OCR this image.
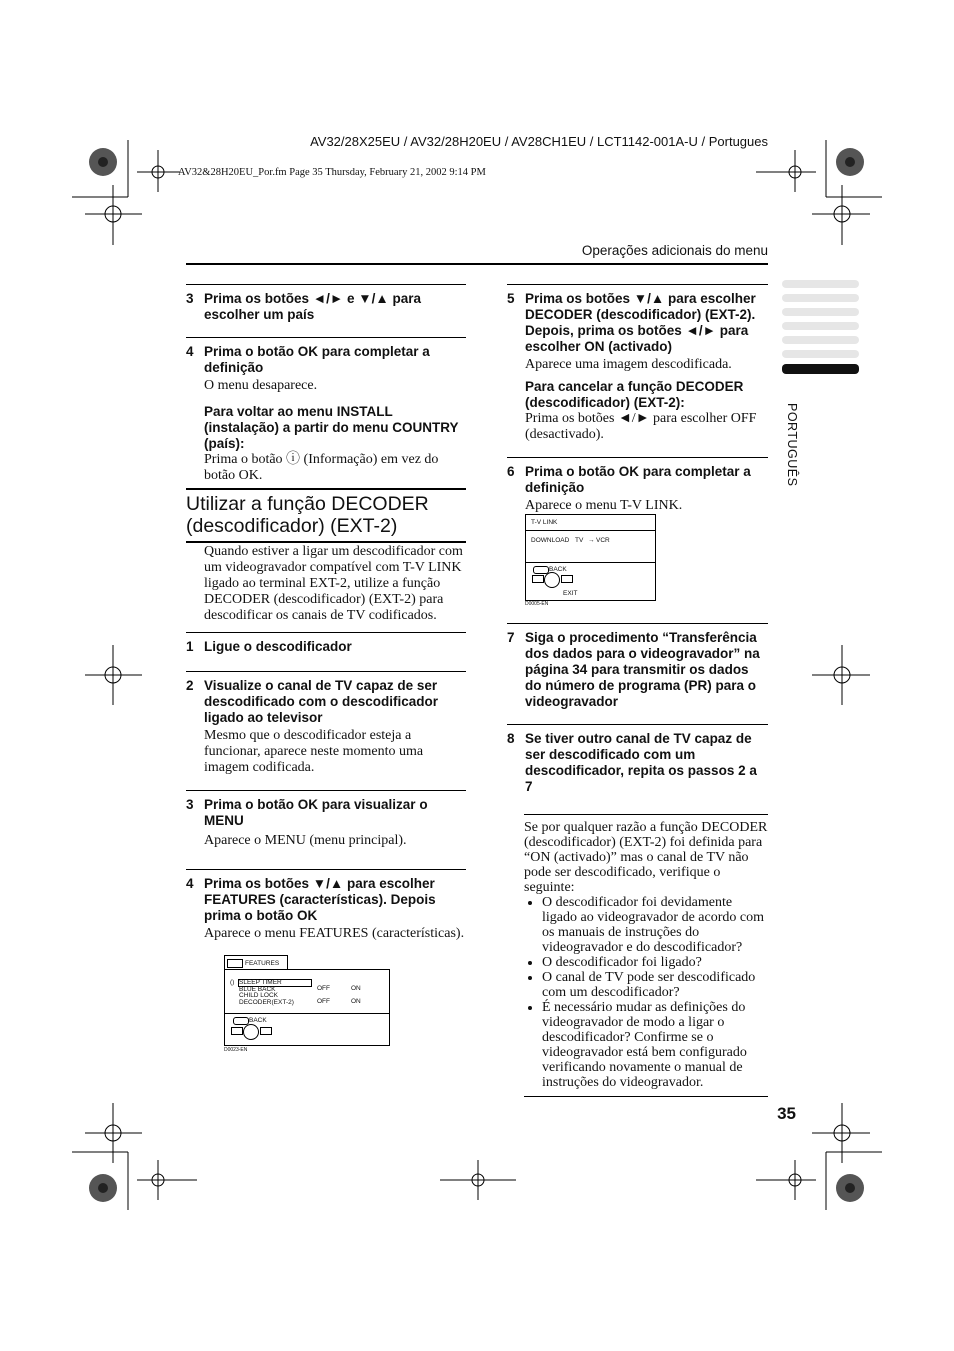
AV32/28X25EU / AV32/28H20EU / AV28CH1EU / LCT1142-001A-U / Portugues
AV32&28H20EU_Por.fm Page 35 Thursday, February 21, 2002 9:14 PM
Operações adicionais do menu
PORTUGUÊS
3 Prima os botões ◄/► e ▼/▲ para escolher um país
4 Prima o botão OK para completar a definição
O menu desaparece.
Para voltar ao menu INSTALL (instalação) a partir do menu COUNTRY (país):
Prima o botão ⓘ (Informação) em vez do botão OK.
Utilizar a função DECODER (descodificador) (EXT-2)
Quando estiver a ligar um descodificador com um videogravador compatível com T-V LINK ligado ao terminal EXT-2, utilize a função DECODER (descodificador) (EXT-2) para descodificar os canais de TV codificados.
1 Ligue o descodificador
2 Visualize o canal de TV capaz de ser descodificado com o descodificador ligado ao televisor
Mesmo que o descodificador esteja a funcionar, aparece neste momento uma imagem codificada.
3 Prima o botão OK para visualizar o MENU
Aparece o MENU (menu principal).
4 Prima os botões ▼/▲ para escolher FEATURES (características). Depois prima o botão OK
Aparece o menu FEATURES (características).
FEATURES
() SLEEP TIMER
BLUE BACK
CHILD LOCK
DECODER(EXT-2)
OFF	ON
OFF	ON
BACK
D0023-EN
5 Prima os botões ▼/▲ para escolher DECODER (descodificador) (EXT-2). Depois, prima os botões ◄/► para escolher ON (activado)
Aparece uma imagem descodificada.
Para cancelar a função DECODER (descodificador) (EXT-2):
Prima os botões ◄/► para escolher OFF (desactivado).
6 Prima o botão OK para completar a definição
Aparece o menu T-V LINK.
T-V LINK
DOWNLOAD TV → VCR
BACK
EXIT
D0005-EN
7 Siga o procedimento “Transferência dos dados para o videogravador” na página 34 para transmitir os dados do número de programa (PR) para o videogravador
8 Se tiver outro canal de TV capaz de ser descodificado com um descodificador, repita os passos 2 a 7
Se por qualquer razão a função DECODER (descodificador) (EXT-2) foi definida para “ON (activado)” mas o canal de TV não pode ser descodificado, verifique o seguinte:
• O descodificador foi devidamente ligado ao videogravador de acordo com os manuais de instruções do videogravador e do descodificador?
• O descodificador foi ligado?
• O canal de TV pode ser descodificado com um descodificador?
• É necessário mudar as definições do videogravador de modo a ligar o descodificador? Confirme se o videogravador está bem configurado verificando novamente o manual de instruções do videogravador.
35
